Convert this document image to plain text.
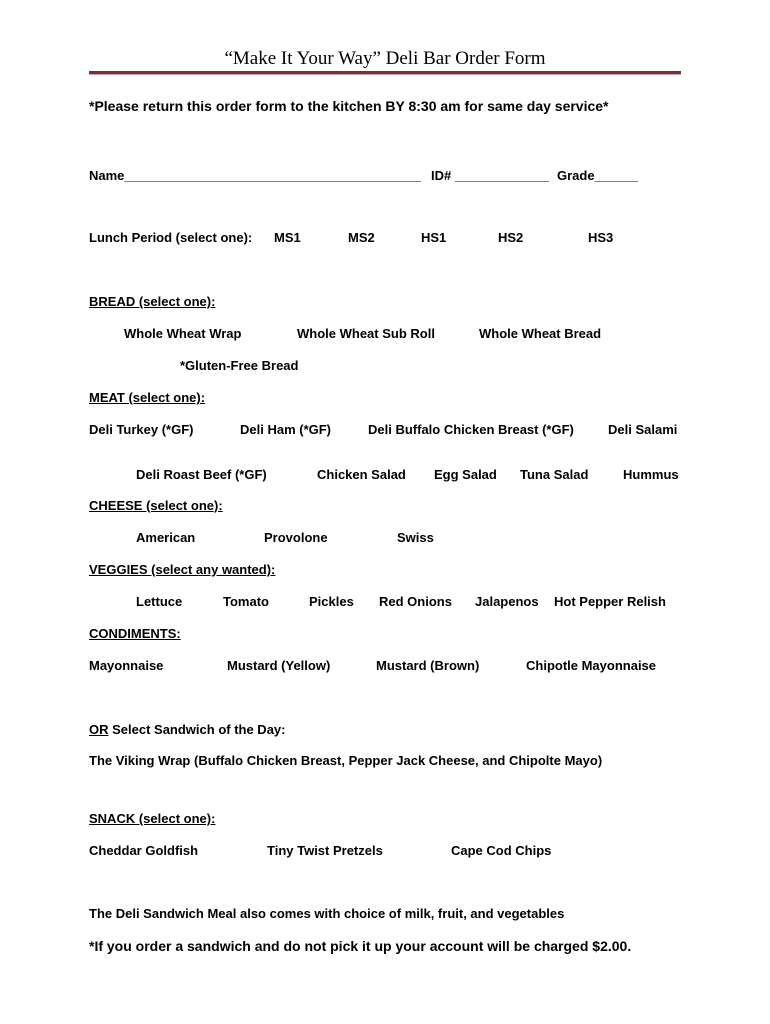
“Make It Your Way” Deli Bar Order Form
*Please return this order form to the kitchen BY 8:30 am for same day service*
Name_________________________________________ ID# _____________ Grade______
Lunch Period (select one): MS1	MS2	HS1	HS2	HS3
BREAD (select one):
Whole Wheat Wrap	Whole Wheat Sub Roll	Whole Wheat Bread
*Gluten-Free Bread
MEAT (select one):
Deli Turkey (*GF)	Deli Ham (*GF)	Deli Buffalo Chicken Breast (*GF)	Deli Salami
Deli Roast Beef (*GF)	Chicken Salad Egg Salad Tuna Salad	Hummus
CHEESE (select one):
American	Provolone	Swiss
VEGGIES (select any wanted):
Lettuce	Tomato	Pickles Red Onions Jalapenos Hot Pepper Relish
CONDIMENTS:
Mayonnaise	Mustard (Yellow)	Mustard (Brown)	Chipotle Mayonnaise
OR Select Sandwich of the Day:
The Viking Wrap (Buffalo Chicken Breast, Pepper Jack Cheese, and Chipolte Mayo)
SNACK (select one):
Cheddar Goldfish	Tiny Twist Pretzels	Cape Cod Chips
The Deli Sandwich Meal also comes with choice of milk, fruit, and vegetables
*If you order a sandwich and do not pick it up your account will be charged $2.00.
